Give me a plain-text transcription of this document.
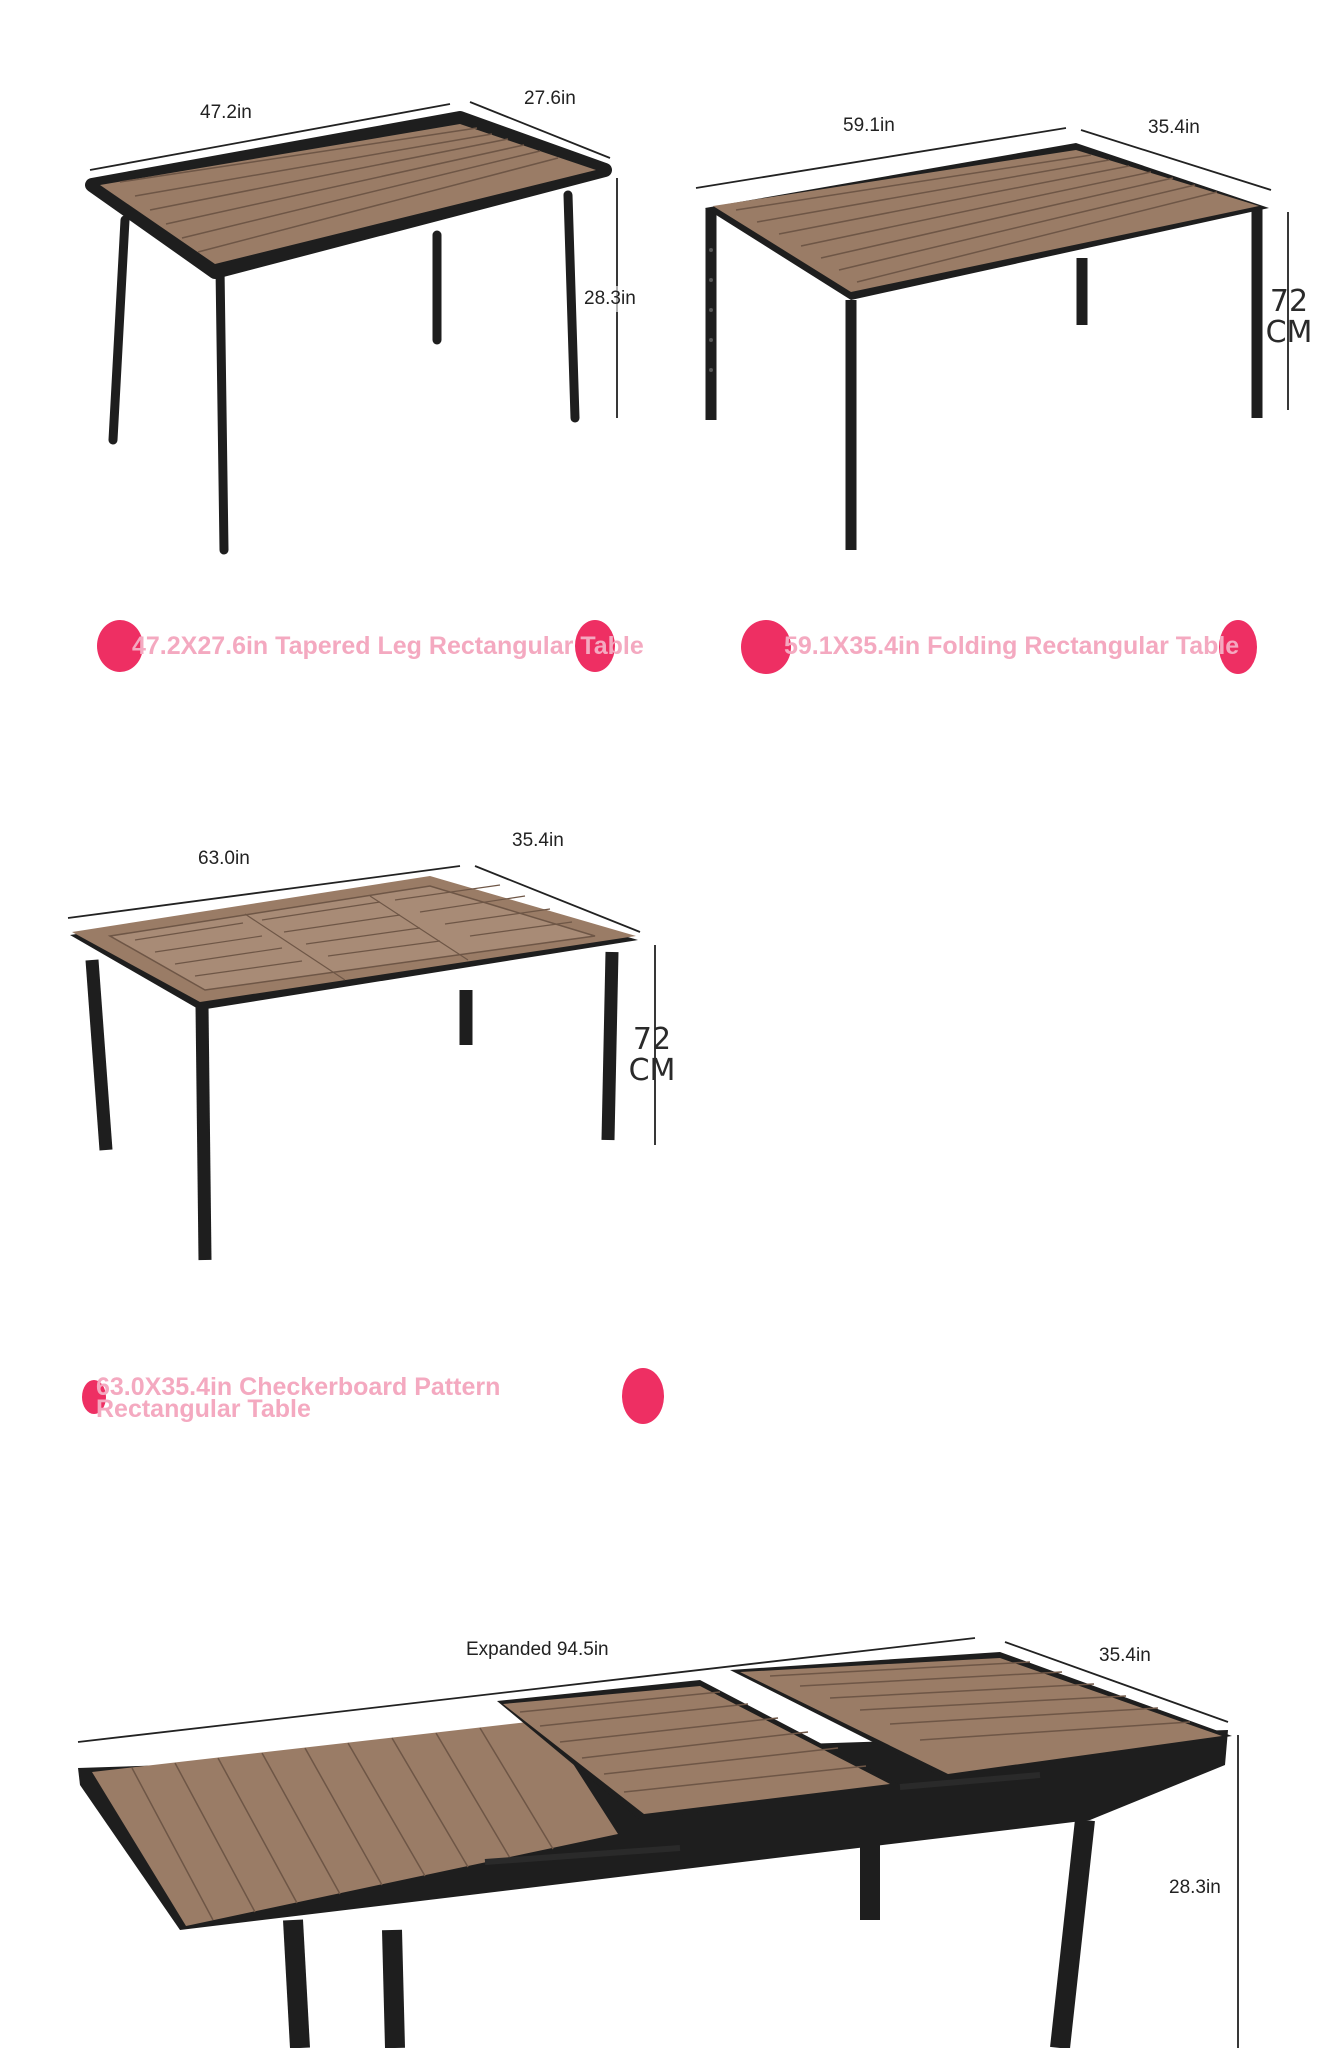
47.2in
27.6in
28.3in
47.2X27.6in Tapered Leg Rectangular Table
59.1in	35.4in
72
CM
59.1X35.4in Folding Rectangular Table
63.0in
35.4in
72
CM
63.0X35.4in Checkerboard Pattern
Rectangular Table
Expanded 94.5in	35.4in
28.3in
